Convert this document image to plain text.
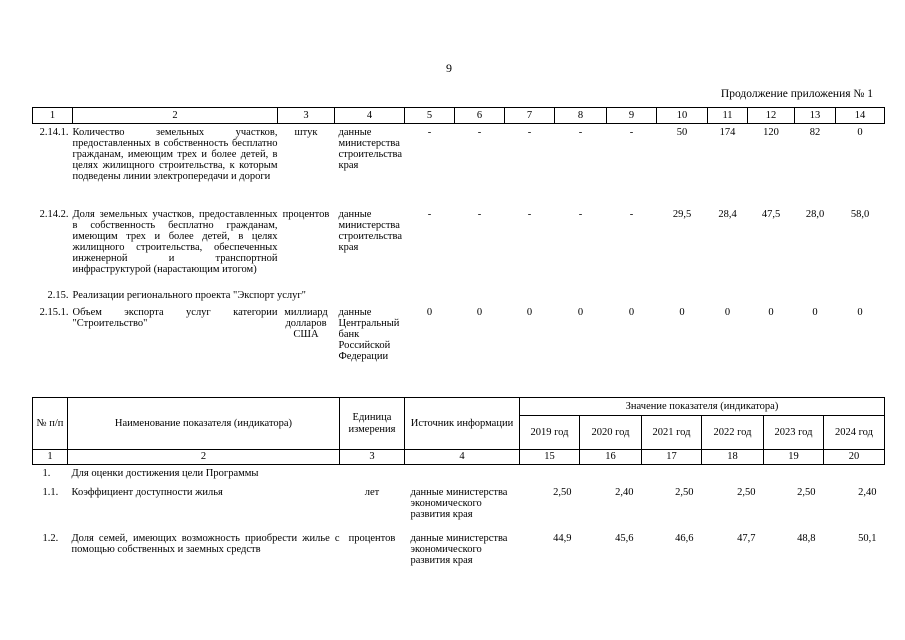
9
Продолжение приложения № 1
1	2	3	4	5	6	7	8	9	10	11	12	13	14
2.14.1.	Количество земельных участков, предоставленных в собственность бесплатно гражданам, имеющим трех и более детей, в целях жилищного строительства, к которым подведены линии электропередачи и дороги	штук	данные министерства строительства края	-	-	-	-	-	50	174	120	82	0
2.14.2.	Доля земельных участков, предоставленных в собственность бесплатно гражданам, имеющим трех и более детей, в целях жилищного строительства, обеспеченных инженерной и транспортной инфраструктурой (нарастающим итогом)	процентов	данные министерства строительства края	-	-	-	-	-	29,5	28,4	47,5	28,0	58,0
2.15.	Реализации регионального проекта "Экспорт услуг"												
2.15.1.	Объем экспорта услуг категории "Строительство"	миллиард долларов США	данные Центральный банк Российской Федерации	0	0	0	0	0	0	0	0	0	0
№ п/п	Наименование показателя (индикатора)	Единица измерения	Источник информации	Значение показателя (индикатора)					
				2019 год	2020 год	2021 год	2022 год	2023 год	2024 год
1	2	3	4	15	16	17	18	19	20
1.	Для оценки достижения цели Программы								
1.1.	Коэффициент доступности жилья	лет	данные министерства экономического развития края	2,50	2,40	2,50	2,50	2,50	2,40
1.2.	Доля семей, имеющих возможность приобрести жилье с помощью собственных и заемных средств	процентов	данные министерства экономического развития края	44,9	45,6	46,6	47,7	48,8	50,1
